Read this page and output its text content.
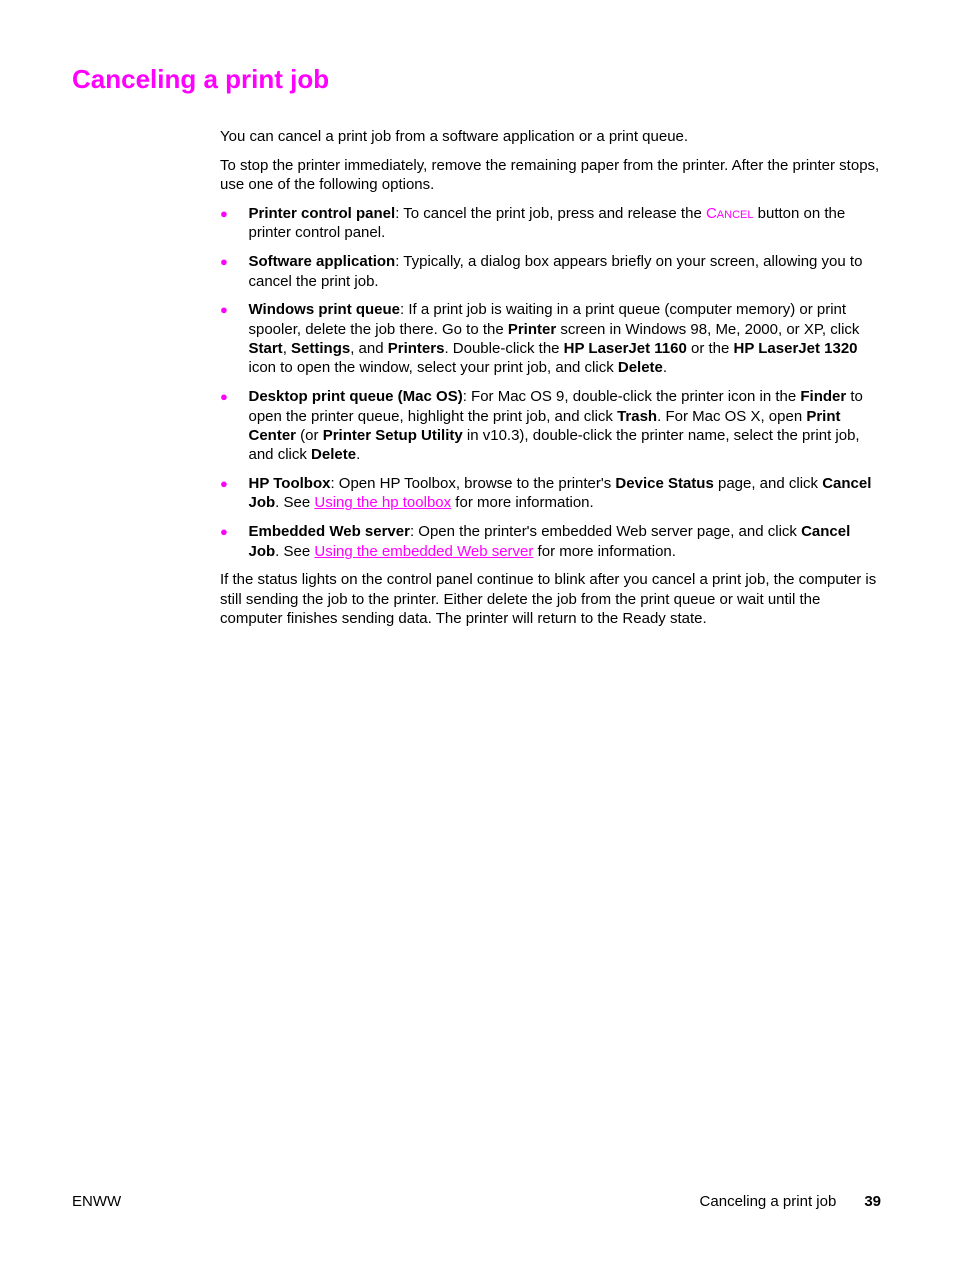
Canceling a print job

You can cancel a print job from a software application or a print queue.

To stop the printer immediately, remove the remaining paper from the printer. After the printer stops, use one of the following options.

● Printer control panel: To cancel the print job, press and release the Cancel button on the printer control panel.
● Software application: Typically, a dialog box appears briefly on your screen, allowing you to cancel the print job.
● Windows print queue: If a print job is waiting in a print queue (computer memory) or print spooler, delete the job there. Go to the Printer screen in Windows 98, Me, 2000, or XP, click Start, Settings, and Printers. Double-click the HP LaserJet 1160 or the HP LaserJet 1320 icon to open the window, select your print job, and click Delete.
● Desktop print queue (Mac OS): For Mac OS 9, double-click the printer icon in the Finder to open the printer queue, highlight the print job, and click Trash. For Mac OS X, open Print Center (or Printer Setup Utility in v10.3), double-click the printer name, select the print job, and click Delete.
● HP Toolbox: Open HP Toolbox, browse to the printer's Device Status page, and click Cancel Job. See Using the hp toolbox for more information.
● Embedded Web server: Open the printer's embedded Web server page, and click Cancel Job. See Using the embedded Web server for more information.

If the status lights on the control panel continue to blink after you cancel a print job, the computer is still sending the job to the printer. Either delete the job from the print queue or wait until the computer finishes sending data. The printer will return to the Ready state.

ENWW	Canceling a print job 39
